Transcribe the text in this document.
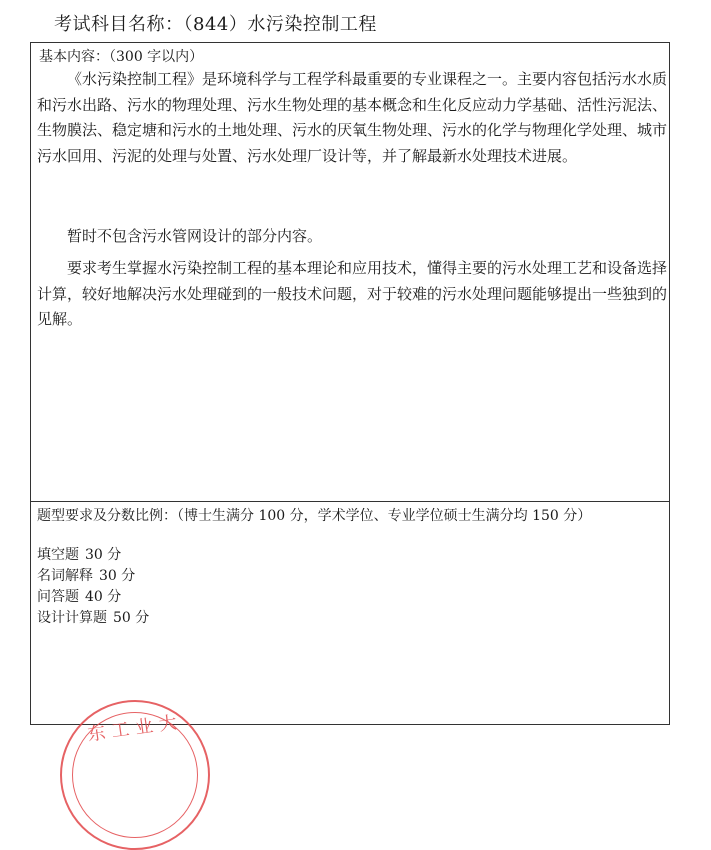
考试科目名称：（844）水污染控制工程
基本内容：（300 字以内）

《水污染控制工程》是环境科学与工程学科最重要的专业课程之一。主要内容包括污水水质和污水出路、污水的物理处理、污水生物处理的基本概念和生化反应动力学基础、活性污泥法、生物膜法、稳定塘和污水的土地处理、污水的厌氧生物处理、污水的化学与物理化学处理、城市污水回用、污泥的处理与处置、污水处理厂设计等，并了解最新水处理技术进展。

暂时不包含污水管网设计的部分内容。

要求考生掌握水污染控制工程的基本理论和应用技术，懂得主要的污水处理工艺和设备选择计算，较好地解决污水处理碰到的一般技术问题，对于较难的污水处理问题能够提出一些独到的见解。

题型要求及分数比例：（博士生满分 100 分，学术学位、专业学位硕士生满分均 150 分）
填空题 30 分
名词解释 30 分
问答题 40 分
设计计算题 50 分
东工业大
